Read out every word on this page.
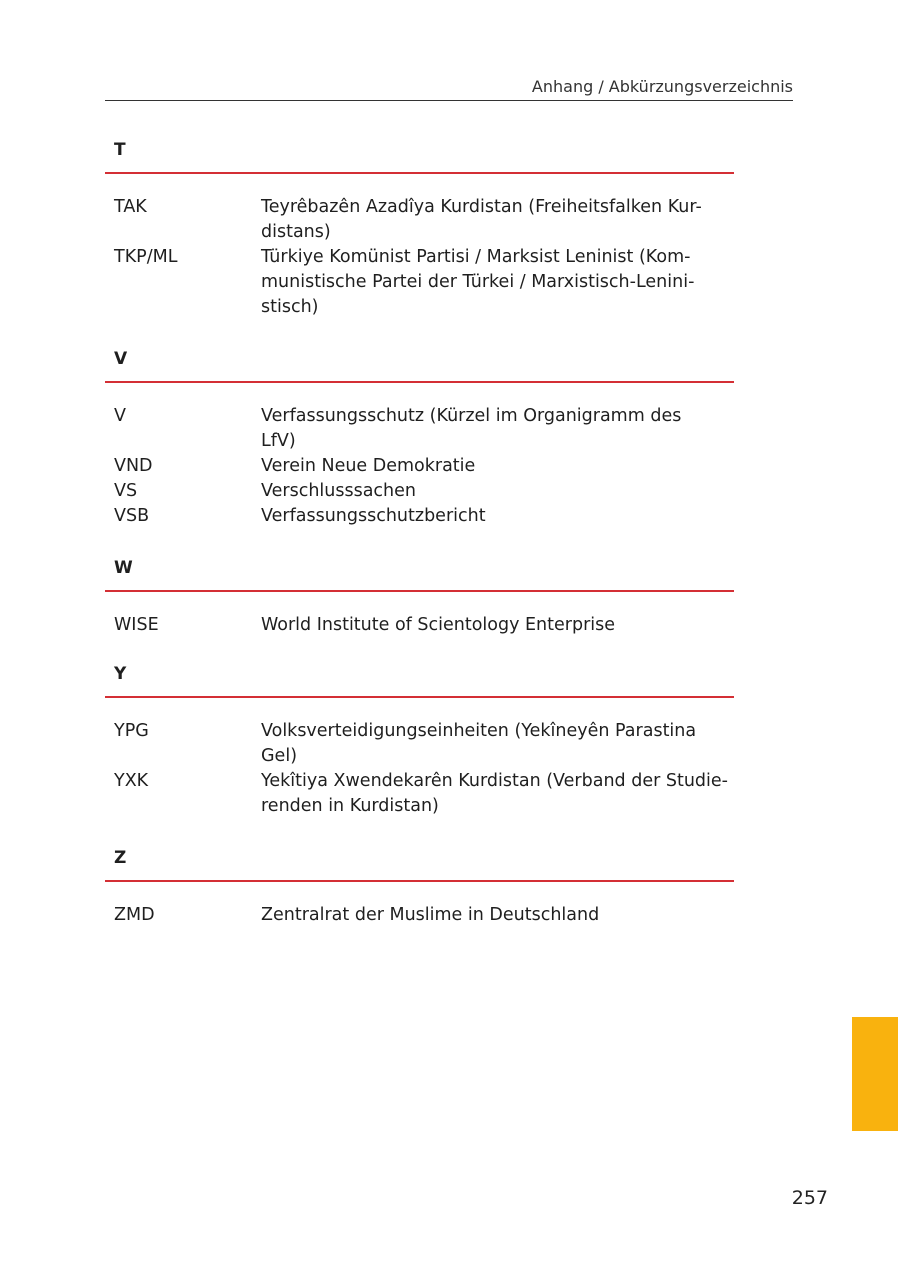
Anhang / Abkürzungsverzeichnis
T
TAK	Teyrêbazên Azadîya Kurdistan (Freiheitsfalken Kur-
distans)
TKP/ML	Türkiye Komünist Partisi / Marksist Leninist (Kom-
munistische Partei der Türkei / Marxistisch-Lenini-
stisch)
V
V	Verfassungsschutz (Kürzel im Organigramm des
LfV)
VND	Verein Neue Demokratie
VS	Verschlusssachen
VSB	Verfassungsschutzbericht
W
WISE	World Institute of Scientology Enterprise
Y
YPG	Volksverteidigungseinheiten (Yekîneyên Parastina
Gel)
YXK	Yekîtiya Xwendekarên Kurdistan (Verband der Studie-
renden in Kurdistan)
Z
ZMD	Zentralrat der Muslime in Deutschland
257
